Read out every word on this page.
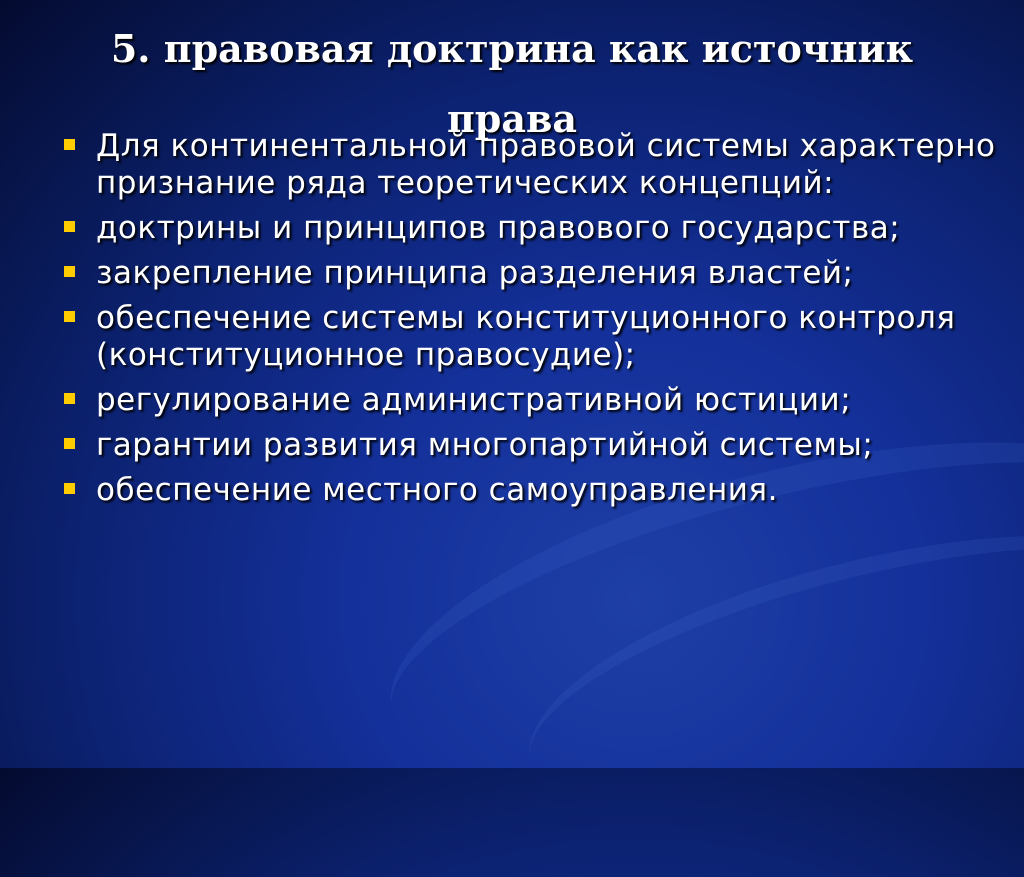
5. правовая доктрина как источник права
Для континентальной правовой системы характерно признание ряда теоретических концепций:
доктрины и принципов правового государства;
закрепление принципа разделения властей;
обеспечение системы конституционного контроля (конституционное правосудие);
регулирование административной юстиции;
гарантии развития многопартийной системы;
обеспечение местного самоуправления.
